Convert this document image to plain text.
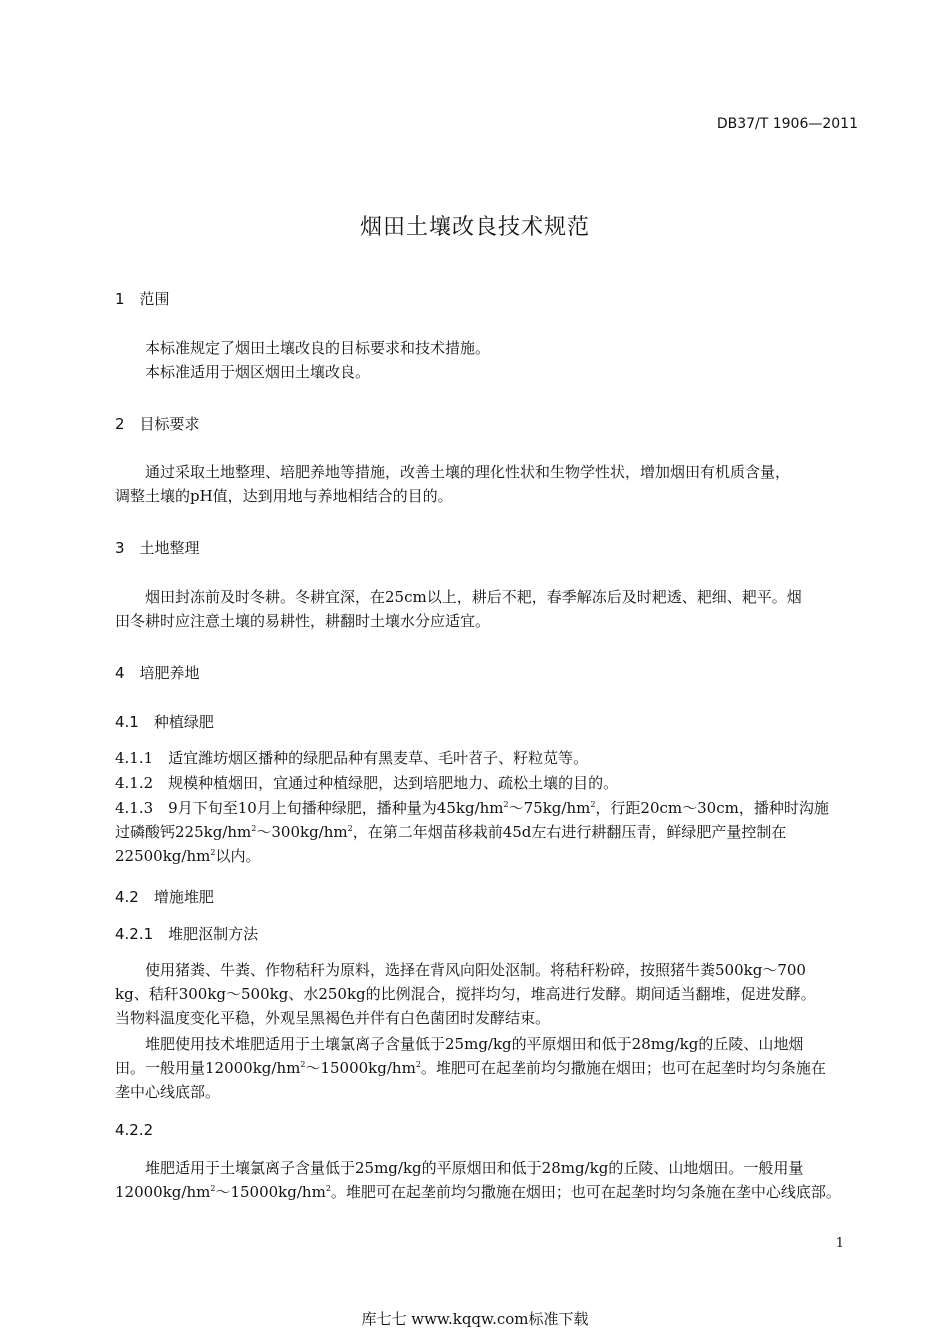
DB37/T 1906—2011
烟田土壤改良技术规范
1　范围
本标准规定了烟田土壤改良的目标要求和技术措施。
本标准适用于烟区烟田土壤改良。
2　目标要求
通过采取土地整理、培肥养地等措施，改善土壤的理化性状和生物学性状，增加烟田有机质含量，
调整土壤的pH值，达到用地与养地相结合的目的。
3　土地整理
烟田封冻前及时冬耕。冬耕宜深，在25cm以上，耕后不耙，春季解冻后及时耙透、耙细、耙平。烟
田冬耕时应注意土壤的易耕性，耕翻时土壤水分应适宜。
4　培肥养地
4.1　种植绿肥
4.1.1　适宜潍坊烟区播种的绿肥品种有黑麦草、毛叶苕子、籽粒苋等。
4.1.2　规模种植烟田，宜通过种植绿肥，达到培肥地力、疏松土壤的目的。
4.1.3　9月下旬至10月上旬播种绿肥，播种量为$45kg/hm^2\sim 75kg/hm^2$，行距20cm～30cm，播种时沟施
过磷酸钙$225kg/hm^2\sim 300kg/hm^2$，在第二年烟苗移栽前45d左右进行耕翻压青，鲜绿肥产量控制在
$22500kg/hm^2$以内。
4.2　增施堆肥
4.2.1　堆肥沤制方法
使用猪粪、牛粪、作物秸秆为原料，选择在背风向阳处沤制。将秸秆粉碎，按照猪牛粪500kg～700
kg、秸秆300kg～500kg、水250kg的比例混合，搅拌均匀，堆高进行发酵。期间适当翻堆，促进发酵。
当物料温度变化平稳，外观呈黑褐色并伴有白色菌团时发酵结束。
堆肥使用技术堆肥适用于土壤氯离子含量低于25mg/kg的平原烟田和低于28mg/kg的丘陵、山地烟
田。一般用量$12000kg/hm^2\sim 15000kg/hm^2$。堆肥可在起垄前均匀撒施在烟田；也可在起垄时均匀条施在
垄中心线底部。
4.2.2
堆肥适用于土壤氯离子含量低于25mg/kg的平原烟田和低于28mg/kg的丘陵、山地烟田。一般用量
$12000kg/hm^2\sim 15000kg/hm^2$。堆肥可在起垄前均匀撒施在烟田；也可在起垄时均匀条施在垄中心线底部。
1
库七七 www.kqqw.com标准下载
